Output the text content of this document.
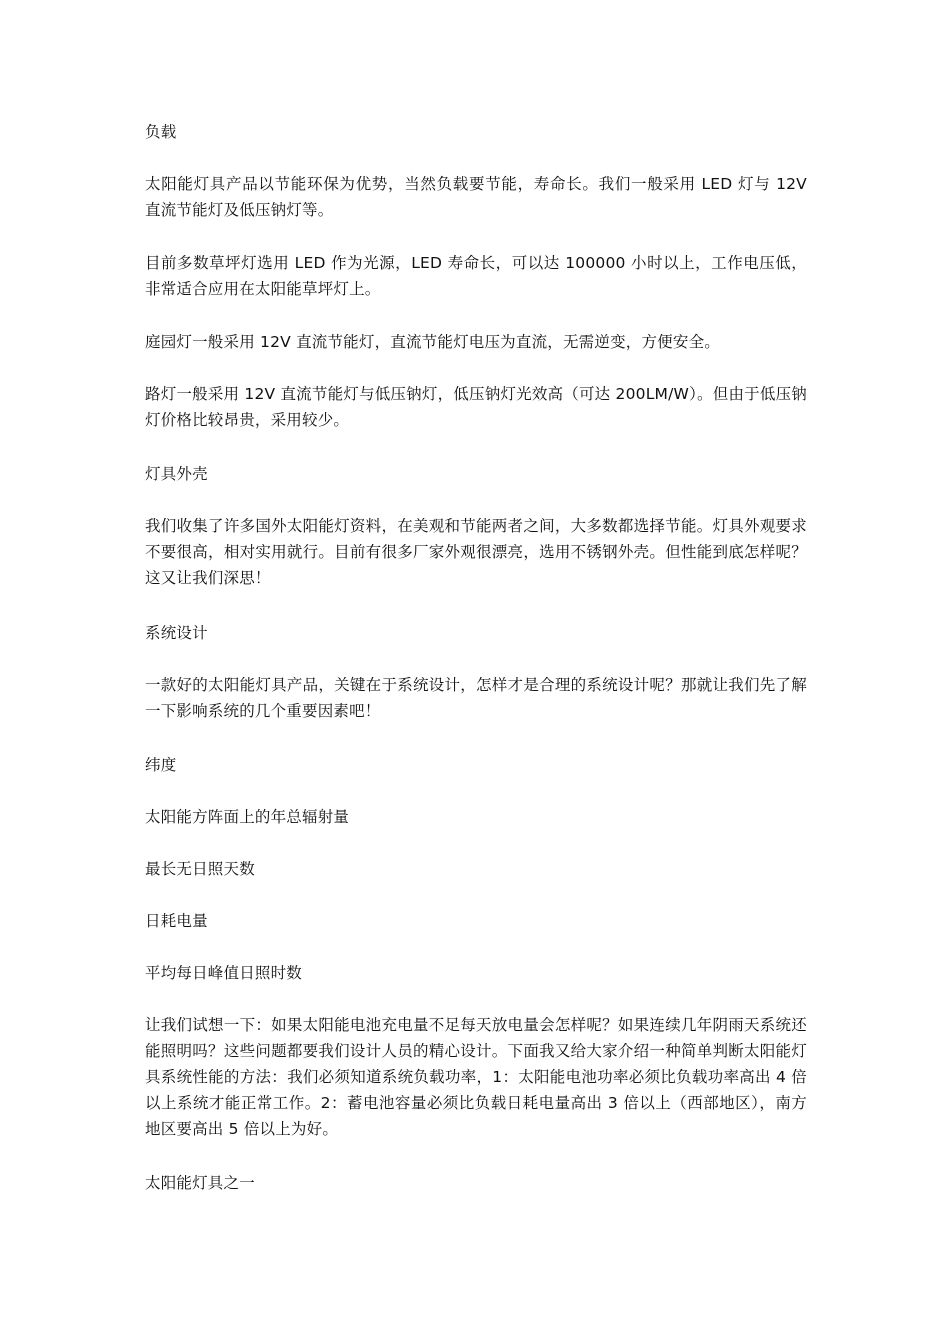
负载

太阳能灯具产品以节能环保为优势，当然负载要节能，寿命长。我们一般采用 LED 灯与 12V 直流节能灯及低压钠灯等。

目前多数草坪灯选用 LED 作为光源，LED 寿命长，可以达 100000 小时以上，工作电压低，非常适合应用在太阳能草坪灯上。

庭园灯一般采用 12V 直流节能灯，直流节能灯电压为直流，无需逆变，方便安全。

路灯一般采用 12V 直流节能灯与低压钠灯，低压钠灯光效高（可达 200LM/W）。但由于低压钠灯价格比较昂贵，采用较少。

灯具外壳

我们收集了许多国外太阳能灯资料，在美观和节能两者之间，大多数都选择节能。灯具外观要求不要很高，相对实用就行。目前有很多厂家外观很漂亮，选用不锈钢外壳。但性能到底怎样呢？这又让我们深思！

系统设计

一款好的太阳能灯具产品，关键在于系统设计，怎样才是合理的系统设计呢？那就让我们先了解一下影响系统的几个重要因素吧！

纬度

太阳能方阵面上的年总辐射量

最长无日照天数

日耗电量

平均每日峰值日照时数

让我们试想一下：如果太阳能电池充电量不足每天放电量会怎样呢？如果连续几年阴雨天系统还能照明吗？这些问题都要我们设计人员的精心设计。下面我又给大家介绍一种简单判断太阳能灯具系统性能的方法：我们必须知道系统负载功率，1：太阳能电池功率必须比负载功率高出 4 倍以上系统才能正常工作。2：蓄电池容量必须比负载日耗电量高出 3 倍以上（西部地区），南方地区要高出 5 倍以上为好。

太阳能灯具之一
